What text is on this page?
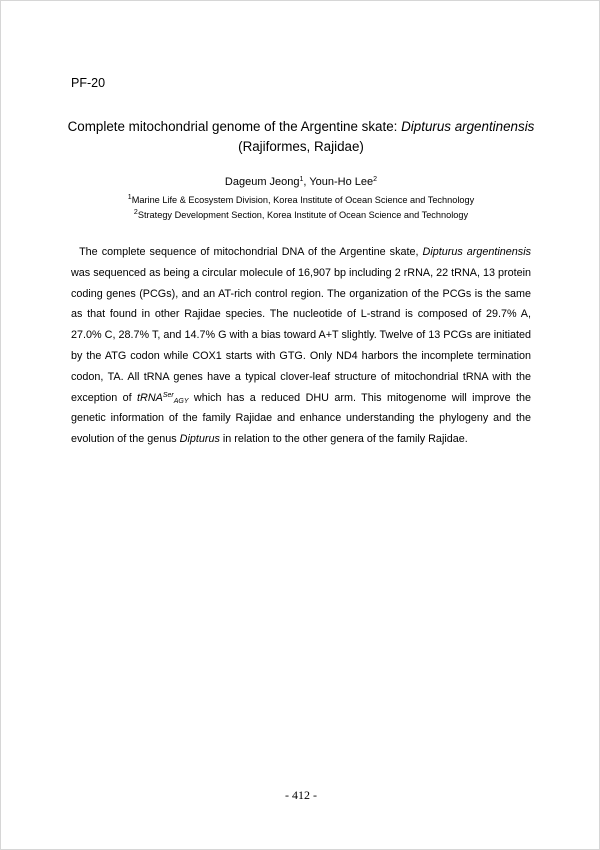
PF-20
Complete mitochondrial genome of the Argentine skate: Dipturus argentinensis
(Rajiformes, Rajidae)
Dageum Jeong$^1$, Youn-Ho Lee$^2$
$^1$Marine Life & Ecosystem Division, Korea Institute of Ocean Science and Technology
$^2$Strategy Development Section, Korea Institute of Ocean Science and Technology
The complete sequence of mitochondrial DNA of the Argentine skate, Dipturus argentinensis was sequenced as being a circular molecule of 16,907 bp including 2 rRNA, 22 tRNA, 13 protein coding genes (PCGs), and an AT-rich control region. The organization of the PCGs is the same as that found in other Rajidae species. The nucleotide of L-strand is composed of 29.7% A, 27.0% C, 28.7% T, and 14.7% G with a bias toward A+T slightly. Twelve of 13 PCGs are initiated by the ATG codon while COX1 starts with GTG. Only ND4 harbors the incomplete termination codon, TA. All tRNA genes have a typical clover-leaf structure of mitochondrial tRNA with the exception of tRNA$^{Ser}_{AGY}$ which has a reduced DHU arm. This mitogenome will improve the genetic information of the family Rajidae and enhance understanding the phylogeny and the evolution of the genus Dipturus in relation to the other genera of the family Rajidae.
- 412 -
